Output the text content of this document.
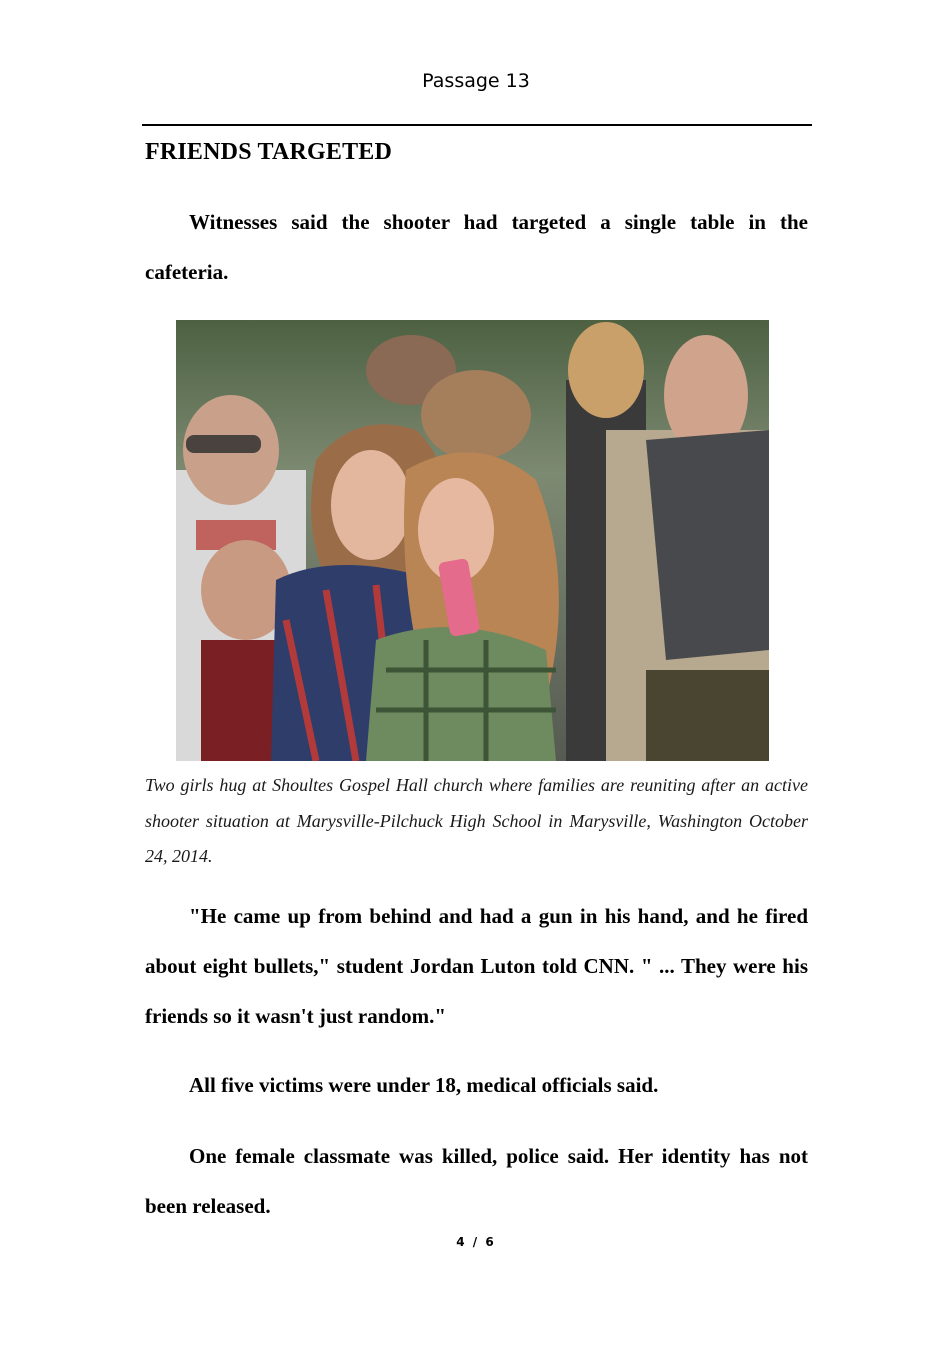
Passage 13
FRIENDS TARGETED

Witnesses said the shooter had targeted a single table in the cafeteria.

Two girls hug at Shoultes Gospel Hall church where families are reuniting after an active shooter situation at Marysville-Pilchuck High School in Marysville, Washington October 24, 2014.

"He came up from behind and had a gun in his hand, and he fired about eight bullets," student Jordan Luton told CNN. " ... They were his friends so it wasn't just random."

All five victims were under 18, medical officials said.

One female classmate was killed, police said. Her identity has not been released.

4 / 6
